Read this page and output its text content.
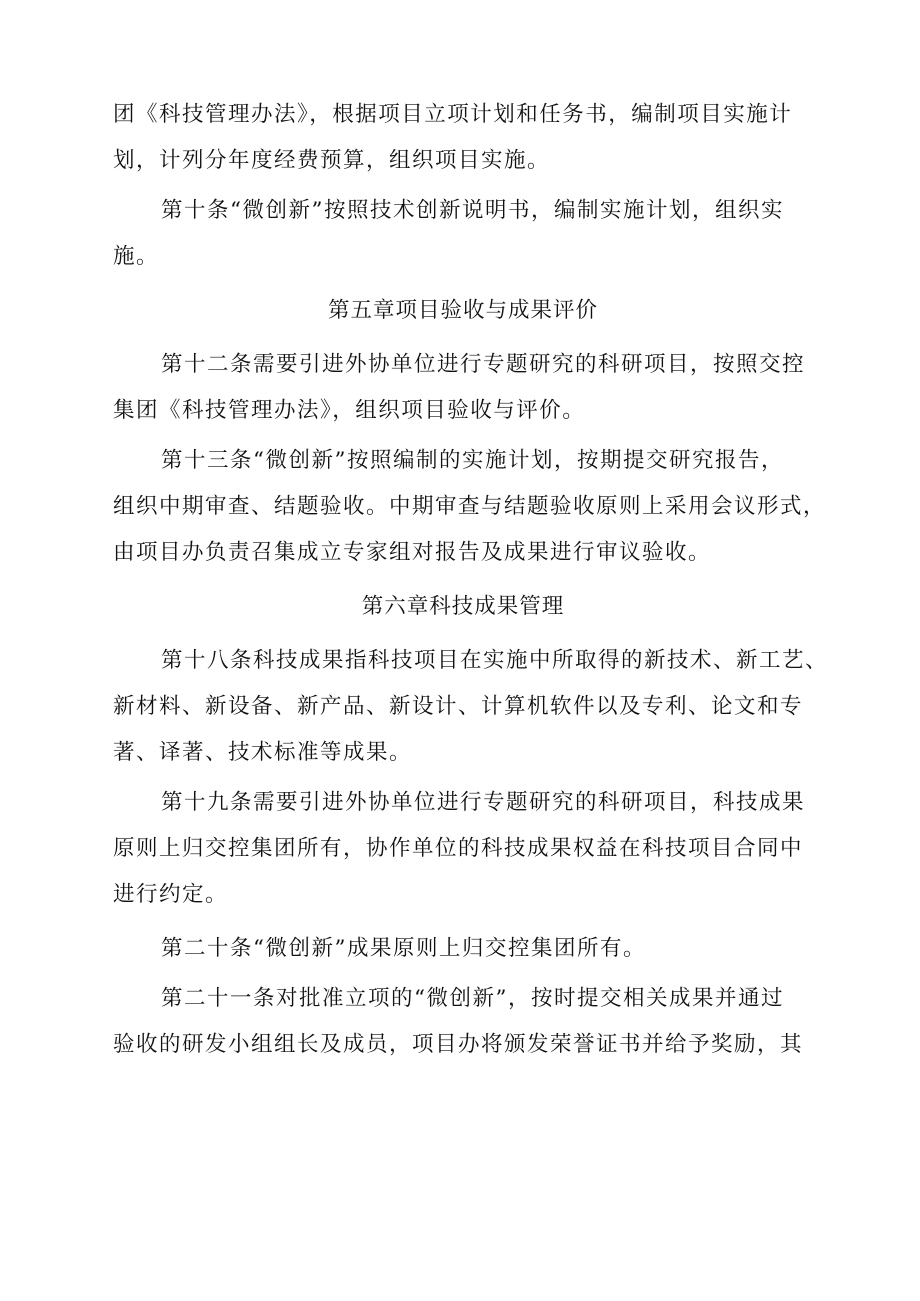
团《科技管理办法》，根据项目立项计划和任务书，编制项目实施计
划，计列分年度经费预算，组织项目实施。
第十条“微创新”按照技术创新说明书，编制实施计划，组织实
施。
第五章项目验收与成果评价
第十二条需要引进外协单位进行专题研究的科研项目，按照交控
集团《科技管理办法》，组织项目验收与评价。
第十三条“微创新”按照编制的实施计划，按期提交研究报告，
组织中期审查、结题验收。中期审查与结题验收原则上采用会议形式，
由项目办负责召集成立专家组对报告及成果进行审议验收。
第六章科技成果管理
第十八条科技成果指科技项目在实施中所取得的新技术、新工艺、
新材料、新设备、新产品、新设计、计算机软件以及专利、论文和专
著、译著、技术标准等成果。
第十九条需要引进外协单位进行专题研究的科研项目，科技成果
原则上归交控集团所有，协作单位的科技成果权益在科技项目合同中
进行约定。
第二十条“微创新”成果原则上归交控集团所有。
第二十一条对批准立项的“微创新”，按时提交相关成果并通过
验收的研发小组组长及成员，项目办将颁发荣誉证书并给予奖励，其
